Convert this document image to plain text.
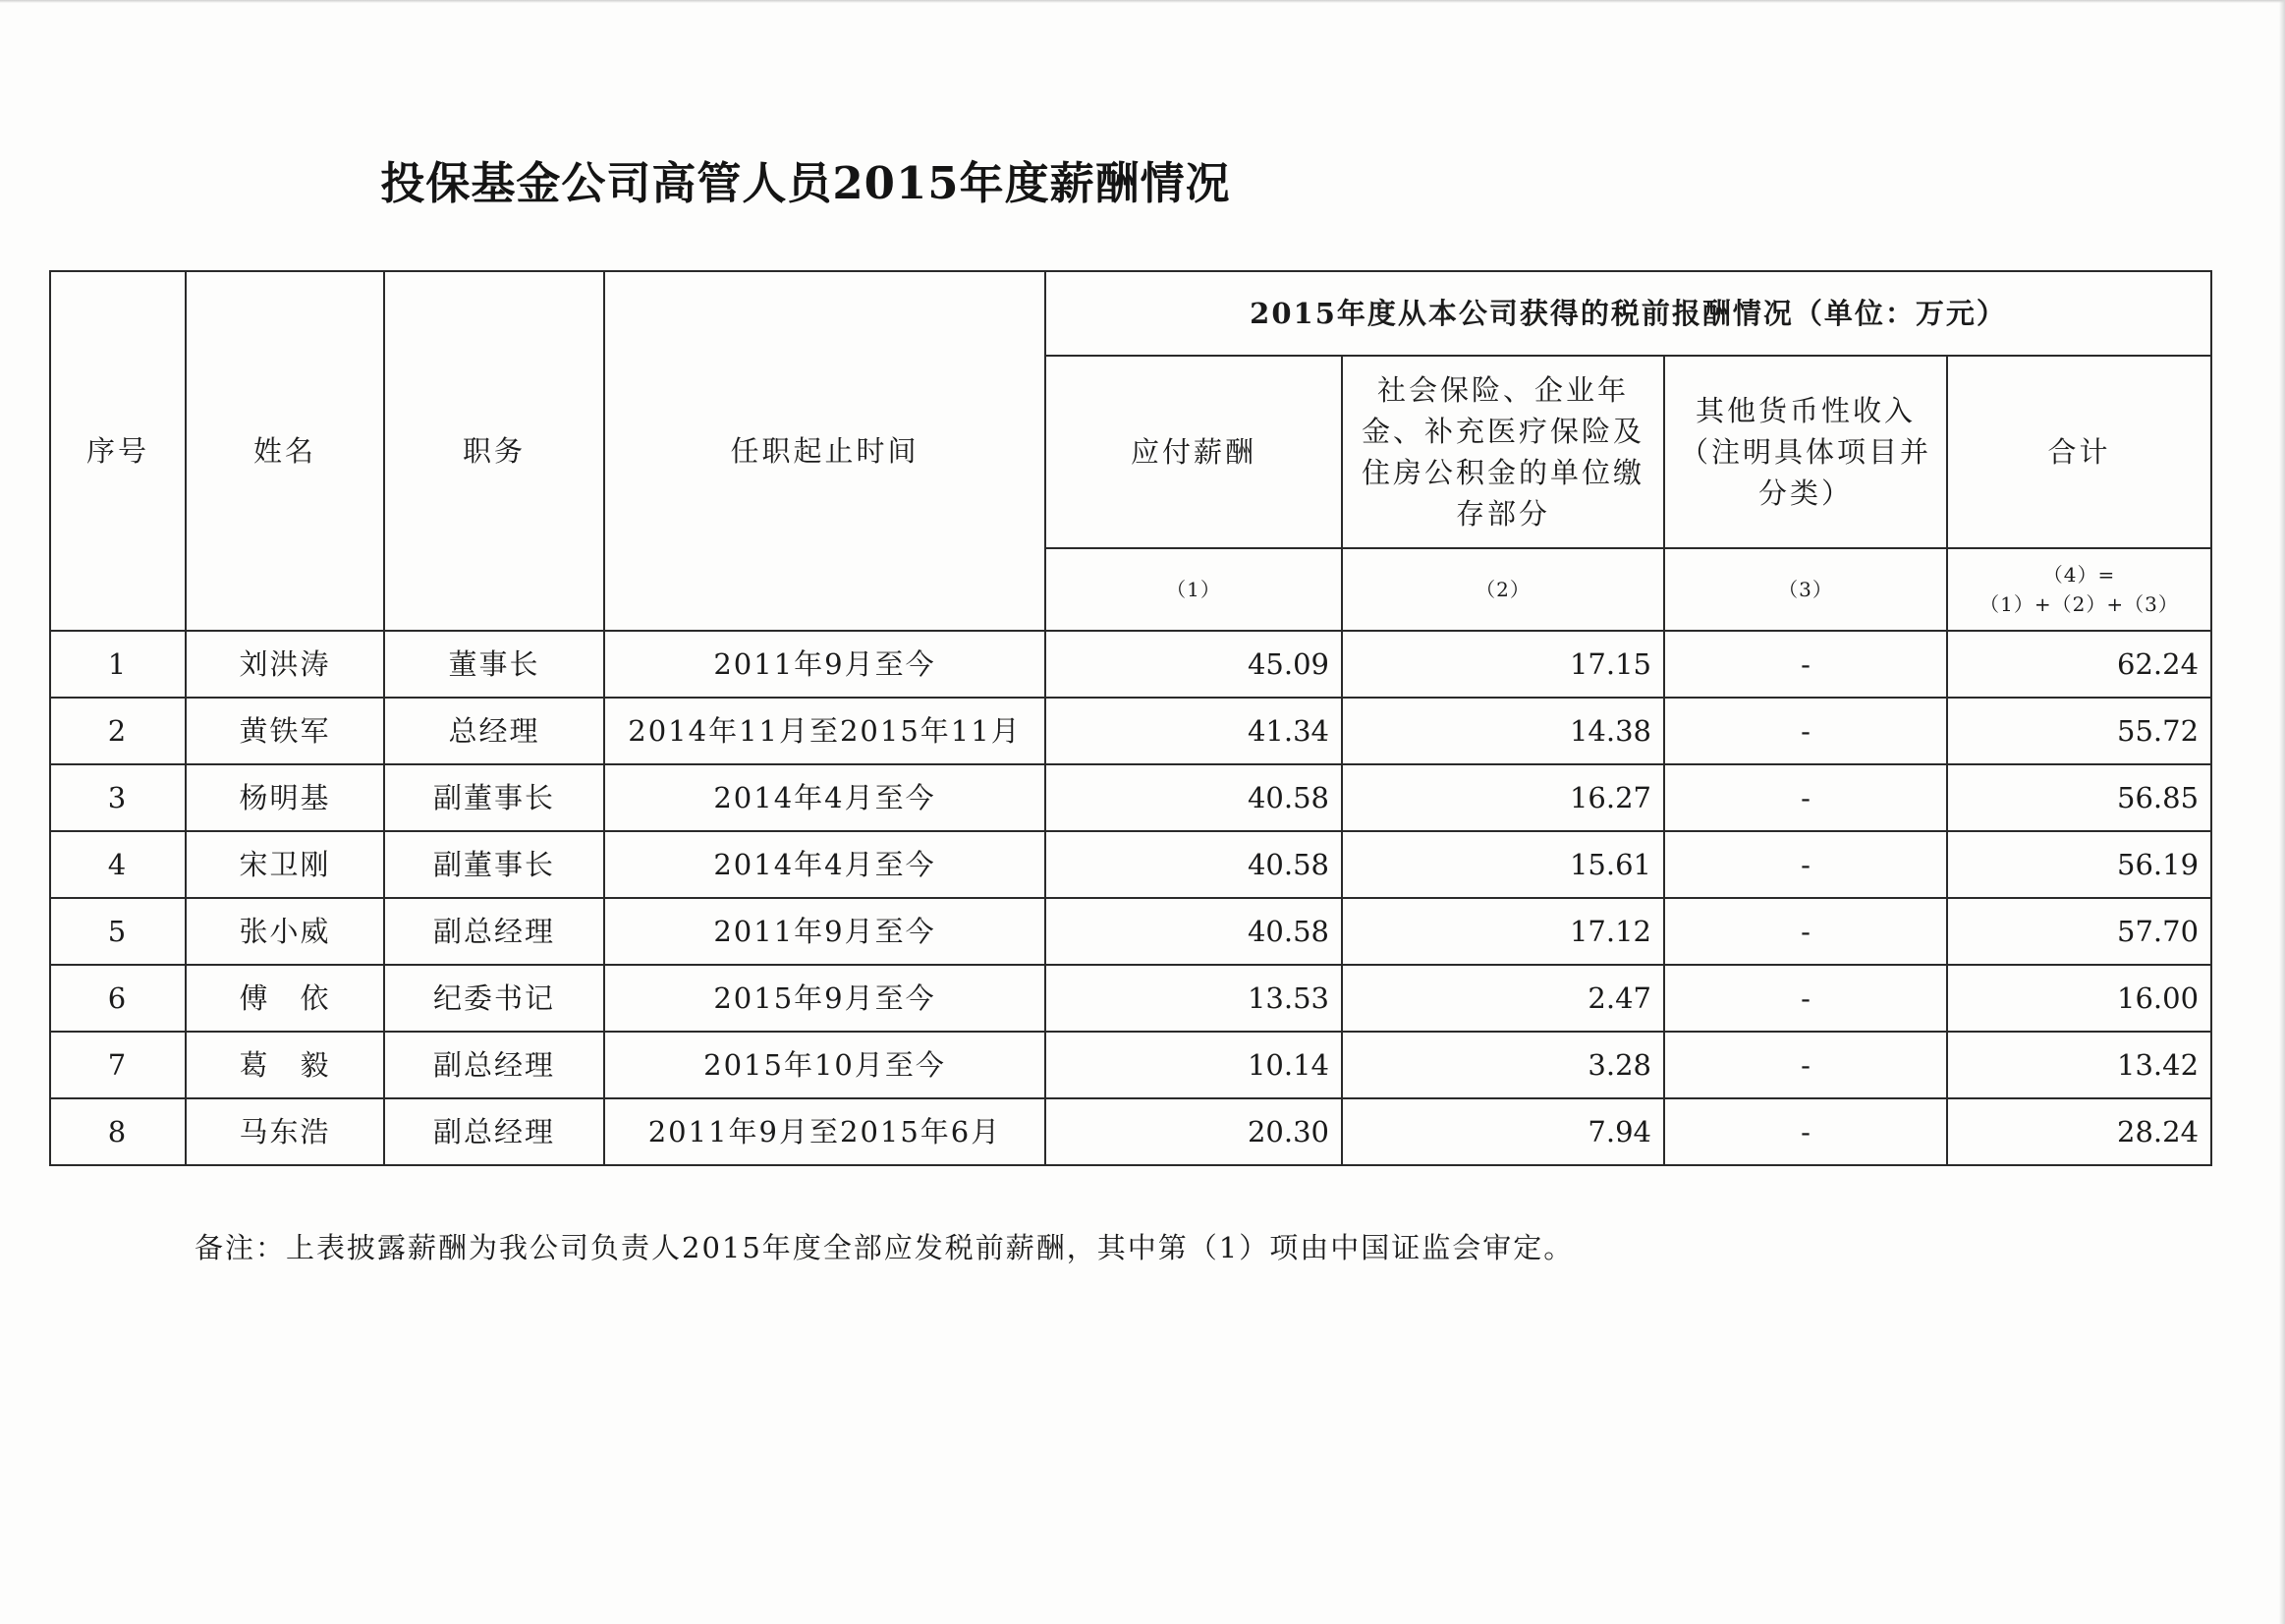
投保基金公司高管人员2015年度薪酬情况
序号	姓名	职务	任职起止时间	2015年度从本公司获得的税前报酬情况（单位：万元）			
				应付薪酬	社会保险、企业年金、补充医疗保险及住房公积金的单位缴存部分	其他货币性收入（注明具体项目并分类）	合计
				（1）	（2）	（3）	（4）=（1）+（2）+（3）
1	刘洪涛	董事长	2011年9月至今	45.09	17.15	-	62.24
2	黄铁军	总经理	2014年11月至2015年11月	41.34	14.38	-	55.72
3	杨明基	副董事长	2014年4月至今	40.58	16.27	-	56.85
4	宋卫刚	副董事长	2014年4月至今	40.58	15.61	-	56.19
5	张小威	副总经理	2011年9月至今	40.58	17.12	-	57.70
6	傅　依	纪委书记	2015年9月至今	13.53	2.47	-	16.00
7	葛　毅	副总经理	2015年10月至今	10.14	3.28	-	13.42
8	马东浩	副总经理	2011年9月至2015年6月	20.30	7.94	-	28.24
备注：上表披露薪酬为我公司负责人2015年度全部应发税前薪酬，其中第（1）项由中国证监会审定。
